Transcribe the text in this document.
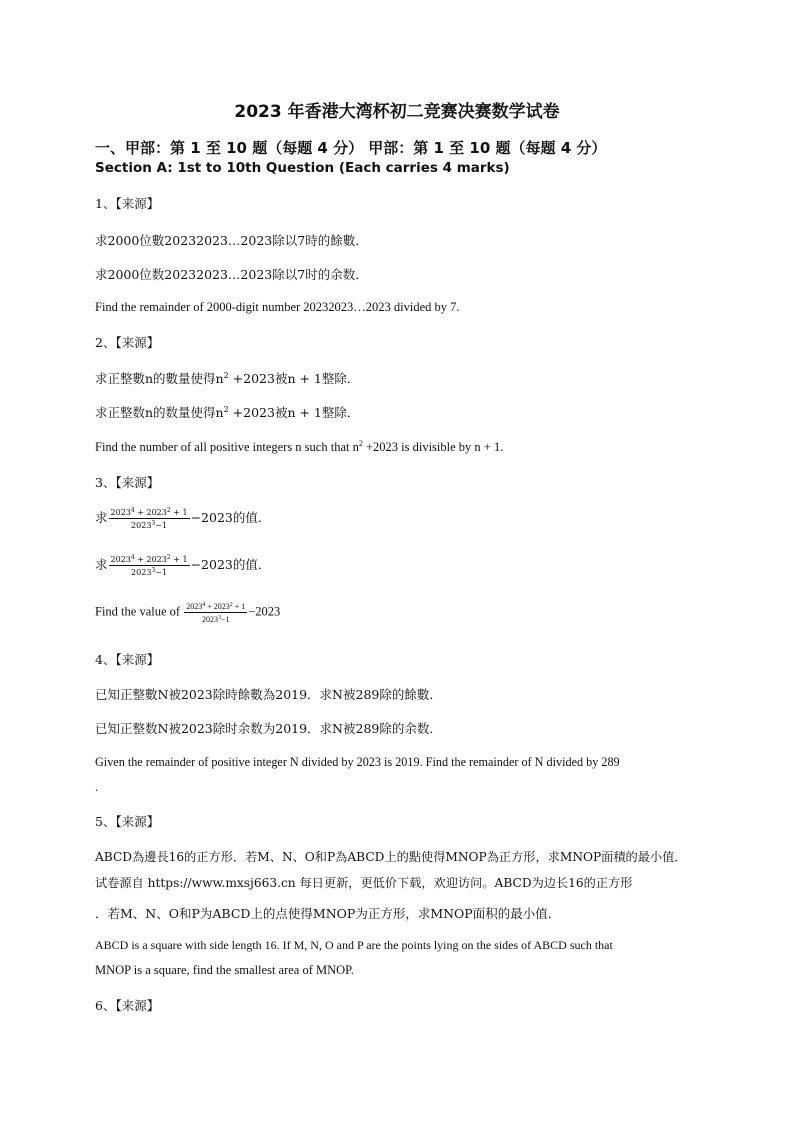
2023 年香港大湾杯初二竞赛决赛数学试卷
一、甲部：第 1 至 10 题（每题 4 分） 甲部：第 1 至 10 题（每题 4 分）
Section A: 1st to 10th Question (Each carries 4 marks)
1、【来源】
求2000位數20232023…2023除以7時的餘數．
求2000位数20232023…2023除以7时的余数．
Find the remainder of 2000-digit number 20232023…2023 divided by 7.
2、【来源】
求正整數n的數量使得$n^2 +2023$被n + 1整除．
求正整数n的数量使得$n^2 +2023$被n + 1整除．
Find the number of all positive integers n such that $n^2 +2023$ is divisible by n + 1.
3、【来源】
求 $\frac{2023^4 + 2023^2 + 1}{2023^3-1} -2023$的值．
求 $\frac{2023^4 + 2023^2 + 1}{2023^3-1} -2023$的值．
Find the value of $\frac{2023^4 + 2023^2 + 1}{2023^3-1} -2023$
4、【来源】
已知正整數N被2023除時餘數為2019．求N被289除的餘數．
已知正整数N被2023除时余数为2019．求N被289除的余数．
Given the remainder of positive integer N divided by 2023 is 2019. Find the remainder of N divided by 289
.
5、【来源】
ABCD為邊長16的正方形．若M、N、O和P為ABCD上的點使得MNOP為正方形，求MNOP面積的最小值．
试卷源自 https://www.mxsj663.cn 每日更新，更低价下载，欢迎访问。ABCD为边长16的正方形
．若M、N、O和P为ABCD上的点使得MNOP为正方形，求MNOP面积的最小值．
ABCD is a square with side length 16. If M, N, O and P are the points lying on the sides of ABCD such that
MNOP is a square, find the smallest area of MNOP.
6、【来源】
